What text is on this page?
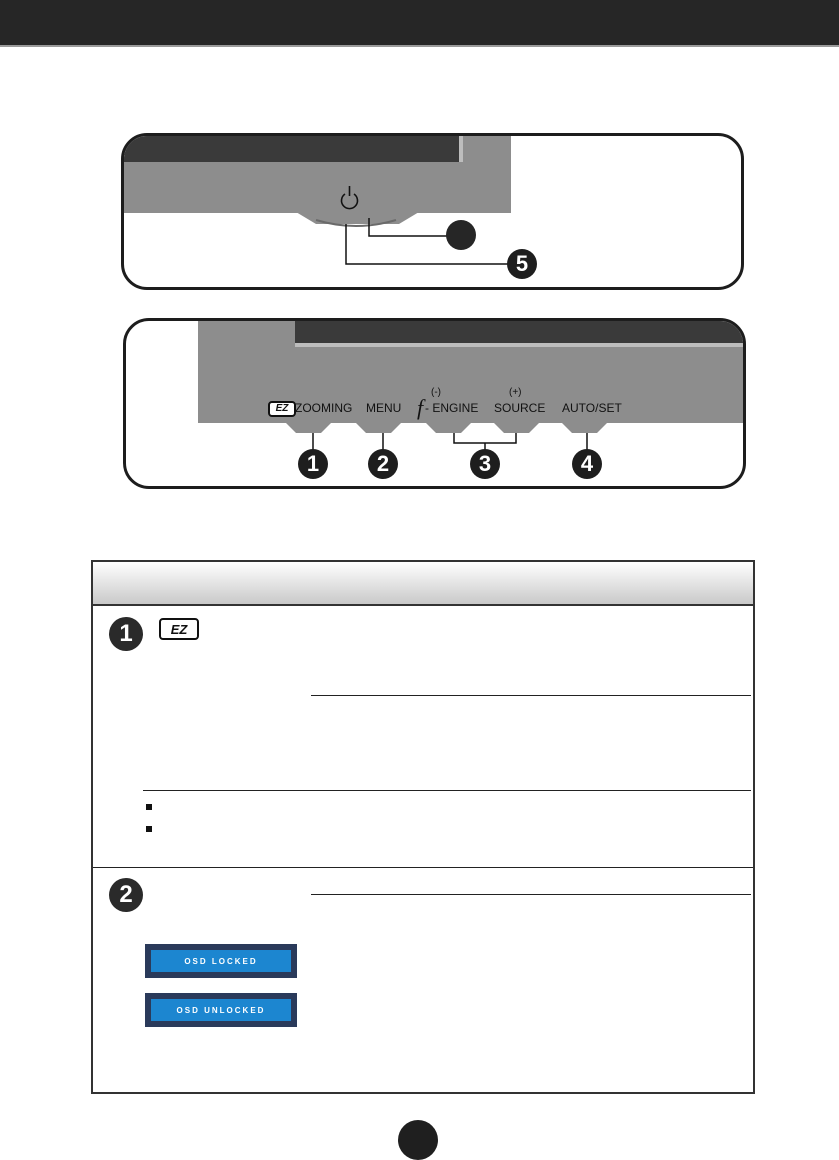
5
EZ ZOOMING MENU f
(-)
- ENGINE
(+)
SOURCE AUTO/SET
1	2	3	4
1	EZ
2
OSD LOCKED
OSD UNLOCKED
